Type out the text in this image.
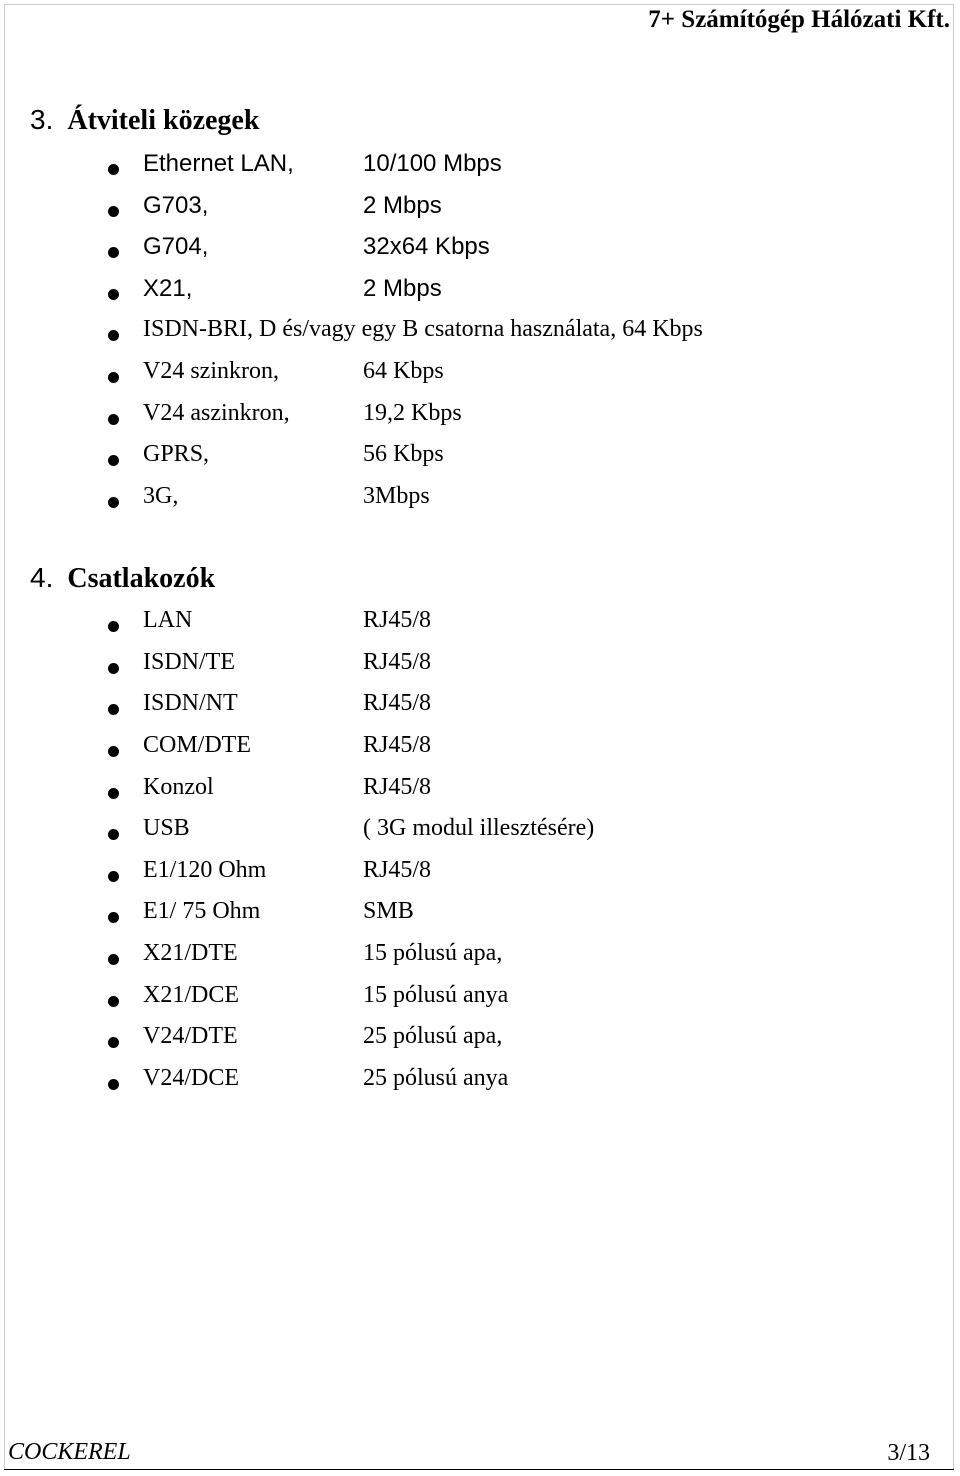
7+ Számítógép Hálózati Kft.
3. Átviteli közegek
Ethernet LAN,	10/100 Mbps
G703,	2 Mbps
G704,	32x64 Kbps
X21,	2 Mbps
ISDN-BRI, D és/vagy egy B csatorna használata, 64 Kbps
V24 szinkron,	64 Kbps
V24 aszinkron,	19,2 Kbps
GPRS,	56 Kbps
3G,	3Mbps
4. Csatlakozók
LAN	RJ45/8
ISDN/TE	RJ45/8
ISDN/NT	RJ45/8
COM/DTE	RJ45/8
Konzol	RJ45/8
USB	( 3G modul illesztésére)
E1/120 Ohm	RJ45/8
E1/ 75 Ohm	SMB
X21/DTE	15 pólusú apa,
X21/DCE	15 pólusú anya
V24/DTE	25 pólusú apa,
V24/DCE	25 pólusú anya
COCKEREL	3/13
